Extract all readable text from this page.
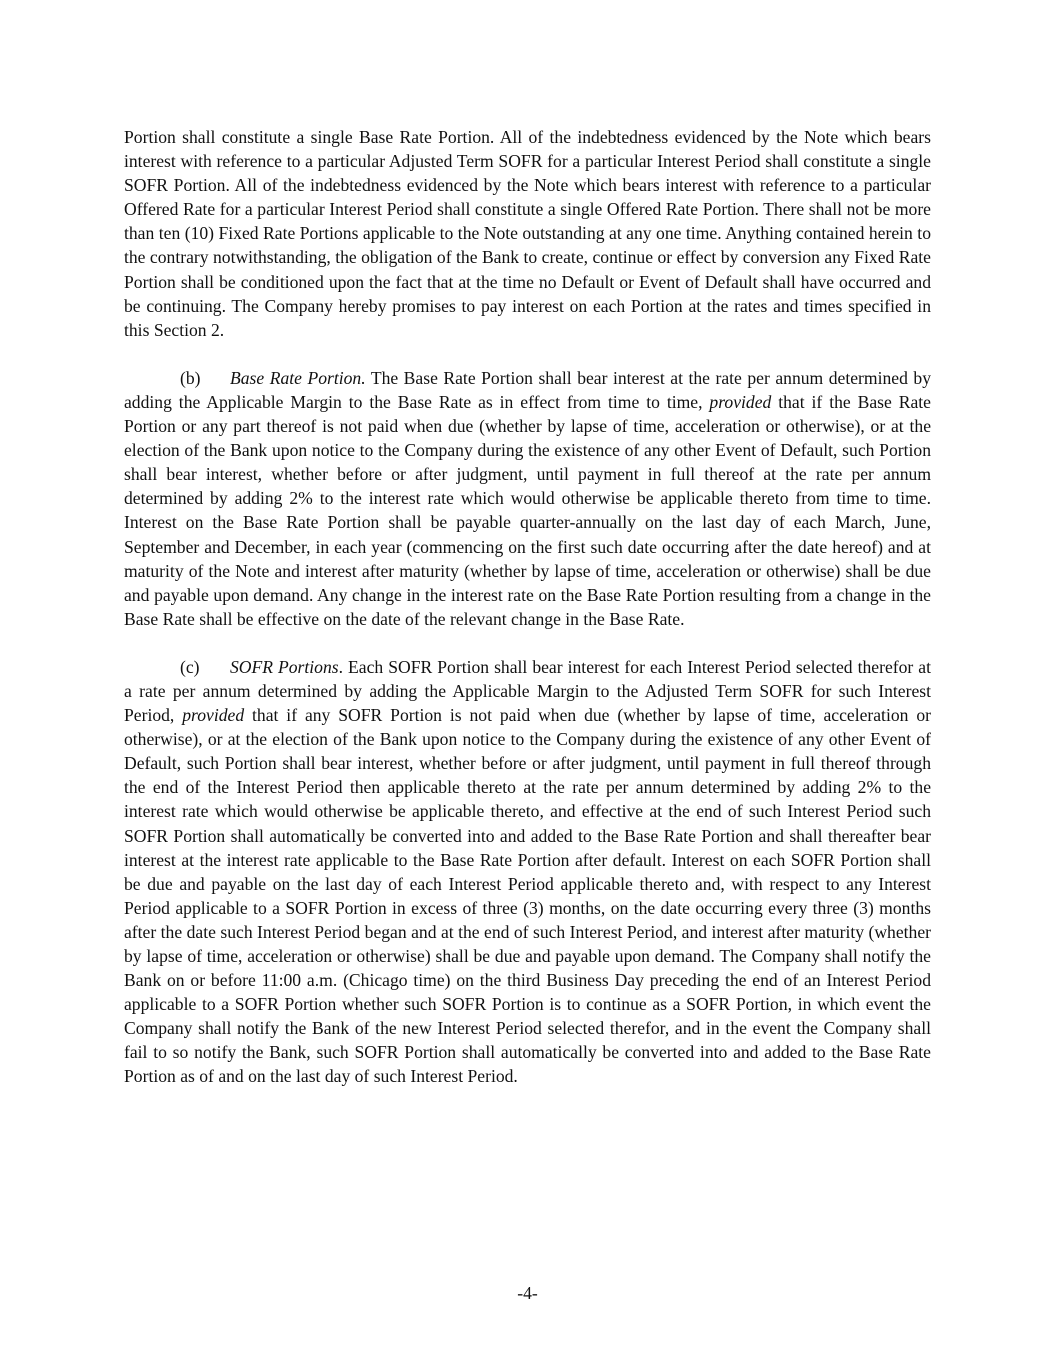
Portion shall constitute a single Base Rate Portion. All of the indebtedness evidenced by the Note which bears interest with reference to a particular Adjusted Term SOFR for a particular Interest Period shall constitute a single SOFR Portion. All of the indebtedness evidenced by the Note which bears interest with reference to a particular Offered Rate for a particular Interest Period shall constitute a single Offered Rate Portion. There shall not be more than ten (10) Fixed Rate Portions applicable to the Note outstanding at any one time. Anything contained herein to the contrary notwithstanding, the obligation of the Bank to create, continue or effect by conversion any Fixed Rate Portion shall be conditioned upon the fact that at the time no Default or Event of Default shall have occurred and be continuing. The Company hereby promises to pay interest on each Portion at the rates and times specified in this Section 2.

(b) Base Rate Portion. The Base Rate Portion shall bear interest at the rate per annum determined by adding the Applicable Margin to the Base Rate as in effect from time to time, provided that if the Base Rate Portion or any part thereof is not paid when due (whether by lapse of time, acceleration or otherwise), or at the election of the Bank upon notice to the Company during the existence of any other Event of Default, such Portion shall bear interest, whether before or after judgment, until payment in full thereof at the rate per annum determined by adding 2% to the interest rate which would otherwise be applicable thereto from time to time. Interest on the Base Rate Portion shall be payable quarter-annually on the last day of each March, June, September and December, in each year (commencing on the first such date occurring after the date hereof) and at maturity of the Note and interest after maturity (whether by lapse of time, acceleration or otherwise) shall be due and payable upon demand. Any change in the interest rate on the Base Rate Portion resulting from a change in the Base Rate shall be effective on the date of the relevant change in the Base Rate.

(c) SOFR Portions. Each SOFR Portion shall bear interest for each Interest Period selected therefor at a rate per annum determined by adding the Applicable Margin to the Adjusted Term SOFR for such Interest Period, provided that if any SOFR Portion is not paid when due (whether by lapse of time, acceleration or otherwise), or at the election of the Bank upon notice to the Company during the existence of any other Event of Default, such Portion shall bear interest, whether before or after judgment, until payment in full thereof through the end of the Interest Period then applicable thereto at the rate per annum determined by adding 2% to the interest rate which would otherwise be applicable thereto, and effective at the end of such Interest Period such SOFR Portion shall automatically be converted into and added to the Base Rate Portion and shall thereafter bear interest at the interest rate applicable to the Base Rate Portion after default. Interest on each SOFR Portion shall be due and payable on the last day of each Interest Period applicable thereto and, with respect to any Interest Period applicable to a SOFR Portion in excess of three (3) months, on the date occurring every three (3) months after the date such Interest Period began and at the end of such Interest Period, and interest after maturity (whether by lapse of time, acceleration or otherwise) shall be due and payable upon demand. The Company shall notify the Bank on or before 11:00 a.m. (Chicago time) on the third Business Day preceding the end of an Interest Period applicable to a SOFR Portion whether such SOFR Portion is to continue as a SOFR Portion, in which event the Company shall notify the Bank of the new Interest Period selected therefor, and in the event the Company shall fail to so notify the Bank, such SOFR Portion shall automatically be converted into and added to the Base Rate Portion as of and on the last day of such Interest Period.

-4-
